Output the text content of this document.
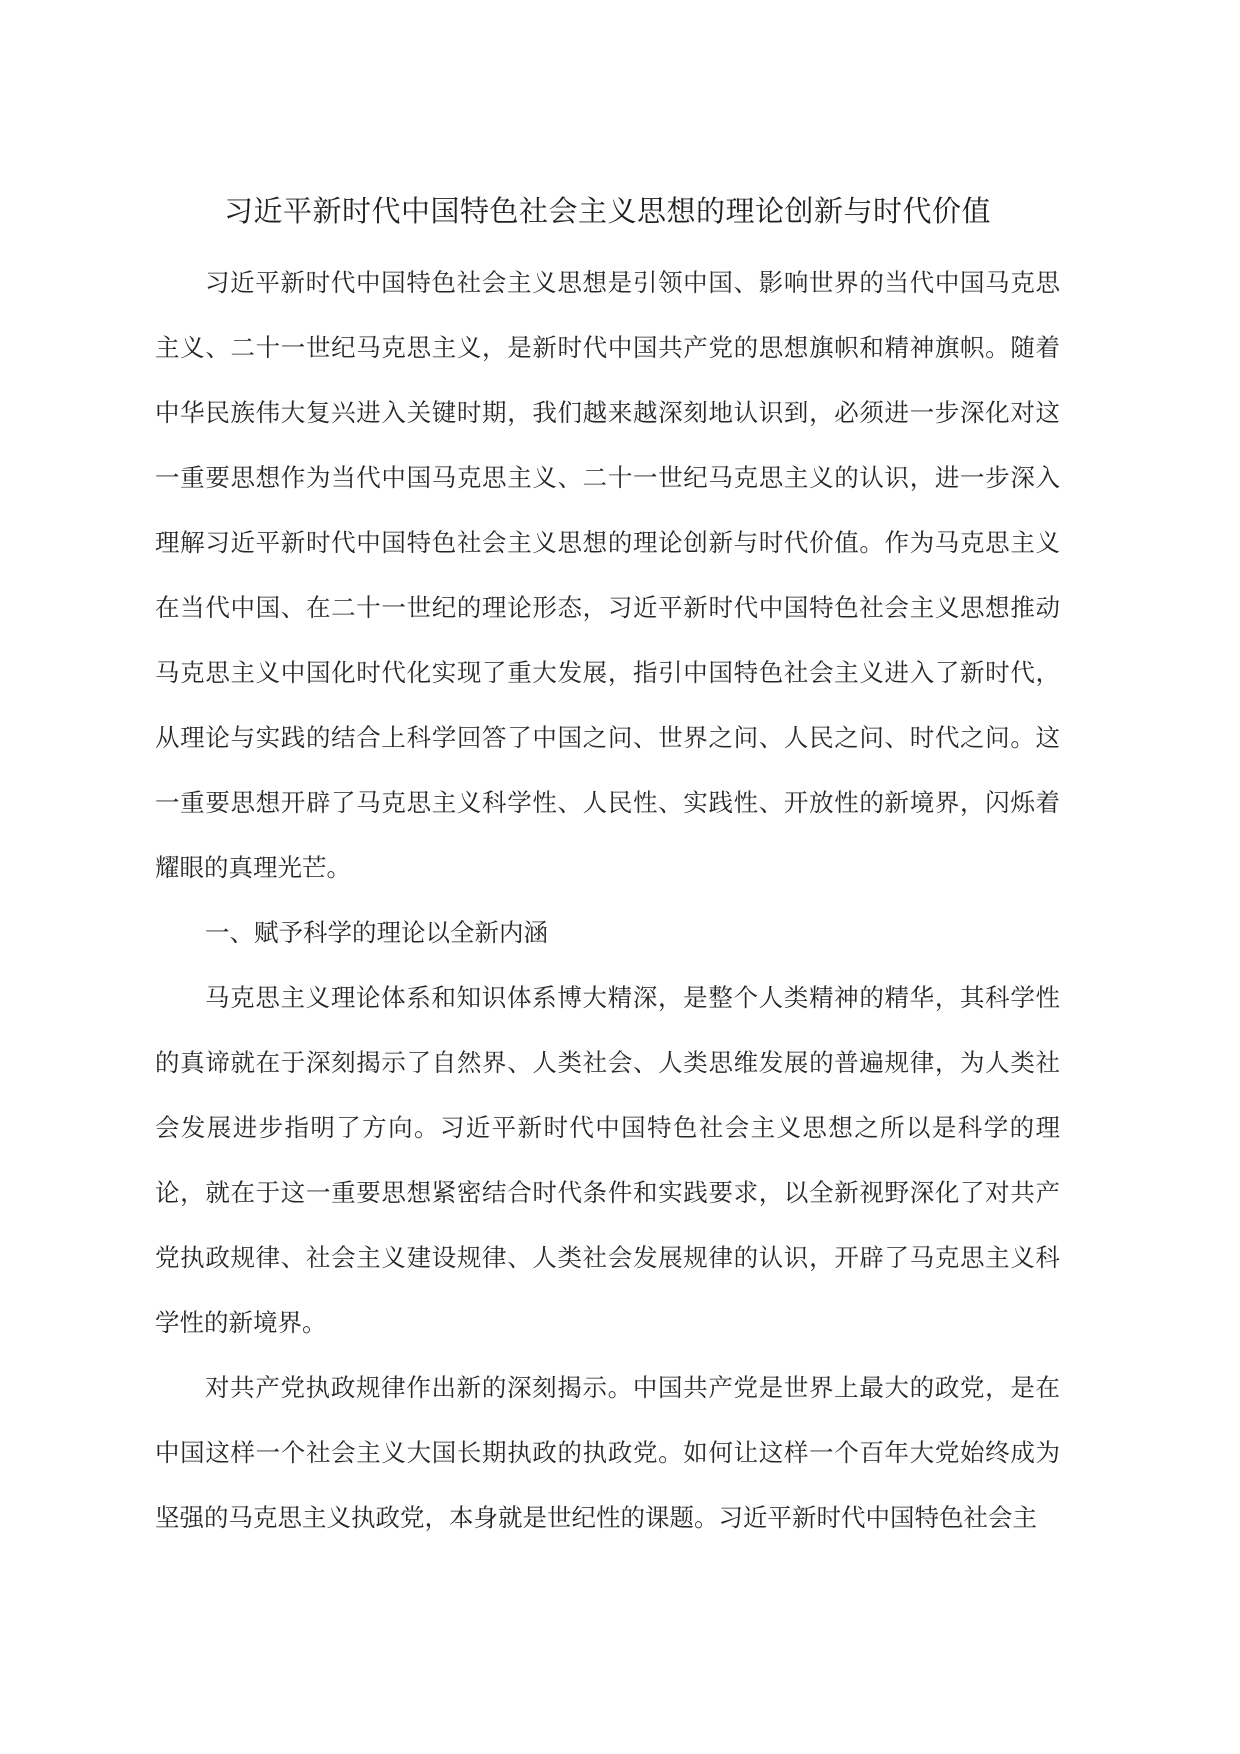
习近平新时代中国特色社会主义思想的理论创新与时代价值

习近平新时代中国特色社会主义思想是引领中国、影响世界的当代中国马克思主义、二十一世纪马克思主义，是新时代中国共产党的思想旗帜和精神旗帜。随着中华民族伟大复兴进入关键时期，我们越来越深刻地认识到，必须进一步深化对这一重要思想作为当代中国马克思主义、二十一世纪马克思主义的认识，进一步深入理解习近平新时代中国特色社会主义思想的理论创新与时代价值。作为马克思主义在当代中国、在二十一世纪的理论形态，习近平新时代中国特色社会主义思想推动马克思主义中国化时代化实现了重大发展，指引中国特色社会主义进入了新时代，从理论与实践的结合上科学回答了中国之问、世界之问、人民之问、时代之问。这一重要思想开辟了马克思主义科学性、人民性、实践性、开放性的新境界，闪烁着耀眼的真理光芒。

一、赋予科学的理论以全新内涵

马克思主义理论体系和知识体系博大精深，是整个人类精神的精华，其科学性的真谛就在于深刻揭示了自然界、人类社会、人类思维发展的普遍规律，为人类社会发展进步指明了方向。习近平新时代中国特色社会主义思想之所以是科学的理论，就在于这一重要思想紧密结合时代条件和实践要求，以全新视野深化了对共产党执政规律、社会主义建设规律、人类社会发展规律的认识，开辟了马克思主义科学性的新境界。

对共产党执政规律作出新的深刻揭示。中国共产党是世界上最大的政党，是在中国这样一个社会主义大国长期执政的执政党。如何让这样一个百年大党始终成为坚强的马克思主义执政党，本身就是世纪性的课题。习近平新时代中国特色社会主
